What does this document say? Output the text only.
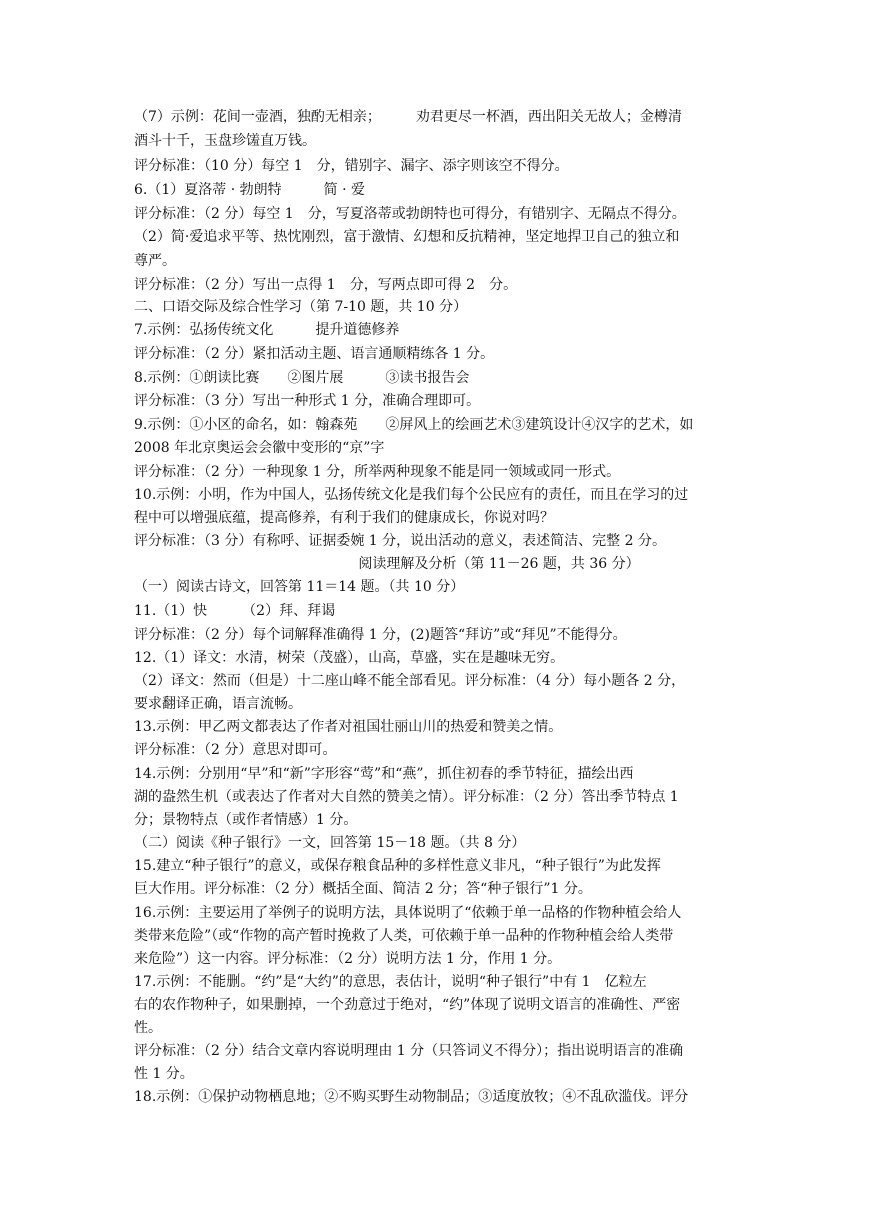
（7）示例：花间一壶酒，独酌无相亲；　　　劝君更尽一杯酒，西出阳关无故人；金樽清
酒斗十千，玉盘珍馐直万钱。
评分标准：（10 分）每空 1　分，错别字、漏字、添字则该空不得分。
6.（1）夏洛蒂 · 勃朗特　　　简 · 爱
评分标准：（2 分）每空 1　分，写夏洛蒂或勃朗特也可得分，有错别字、无隔点不得分。
（2）简·爱追求平等、热忱刚烈，富于激情、幻想和反抗精神，坚定地捍卫自己的独立和
尊严。
评分标准：（2 分）写出一点得 1　分，写两点即可得 2　分。
二、口语交际及综合性学习（第 7-10 题，共 10 分）
7.示例：弘扬传统文化　　　提升道德修养
评分标准：（2 分）紧扣活动主题、语言通顺精练各 1 分。
8.示例：①朗读比赛　　②图片展　　　③读书报告会
评分标准：（3 分）写出一种形式 1 分，准确合理即可。
9.示例：①小区的命名，如：翰森苑　　②屏风上的绘画艺术③建筑设计④汉字的艺术，如
2008 年北京奥运会会徽中变形的“京”字
评分标准：（2 分）一种现象 1 分，所举两种现象不能是同一领域或同一形式。
10.示例：小明，作为中国人，弘扬传统文化是我们每个公民应有的责任，而且在学习的过
程中可以增强底蕴，提高修养，有利于我们的健康成长，你说对吗？
评分标准：（3 分）有称呼、证据委婉 1 分，说出活动的意义，表述简洁、完整 2 分。
阅读理解及分析（第 11－26 题，共 36 分）
（一）阅读古诗文，回答第 11＝14 题。（共 10 分）
11.（1）快　　　（2）拜、拜谒
评分标准：（2 分）每个词解释准确得 1 分，(2)题答“拜访”或“拜见”不能得分。
12.（1）译文：水清，树荣（茂盛），山高，草盛，实在是趣味无穷。
（2）译文：然而（但是）十二座山峰不能全部看见。评分标准：（4 分）每小题各 2 分，
要求翻译正确，语言流畅。
13.示例：甲乙两文都表达了作者对祖国壮丽山川的热爱和赞美之情。
评分标准：（2 分）意思对即可。
14.示例：分别用“早”和“新”字形容“莺”和“燕”，抓住初春的季节特征，描绘出西
湖的盎然生机（或表达了作者对大自然的赞美之情）。评分标准：（2 分）答出季节特点 1
分；景物特点（或作者情感）1 分。
（二）阅读《种子银行》一文，回答第 15－18 题。（共 8 分）
15.建立“种子银行”的意义，或保存粮食品种的多样性意义非凡，“种子银行”为此发挥
巨大作用。评分标准：（2 分）概括全面、简洁 2 分；答“种子银行”1 分。
16.示例：主要运用了举例子的说明方法，具体说明了“依赖于单一品格的作物种植会给人
类带来危险”（或“作物的高产暂时挽救了人类，可依赖于单一品种的作物种植会给人类带
来危险”）这一内容。评分标准：（2 分）说明方法 1 分，作用 1 分。
17.示例：不能删。“约”是“大约”的意思，表估计，说明“种子银行”中有 1　亿粒左
右的农作物种子，如果删掉，一个劲意过于绝对，“约”体现了说明文语言的准确性、严密
性。
评分标准：（2 分）结合文章内容说明理由 1 分（只答词义不得分）；指出说明语言的准确
性 1 分。
18.示例：①保护动物栖息地；②不购买野生动物制品；③适度放牧；④不乱砍滥伐。评分
